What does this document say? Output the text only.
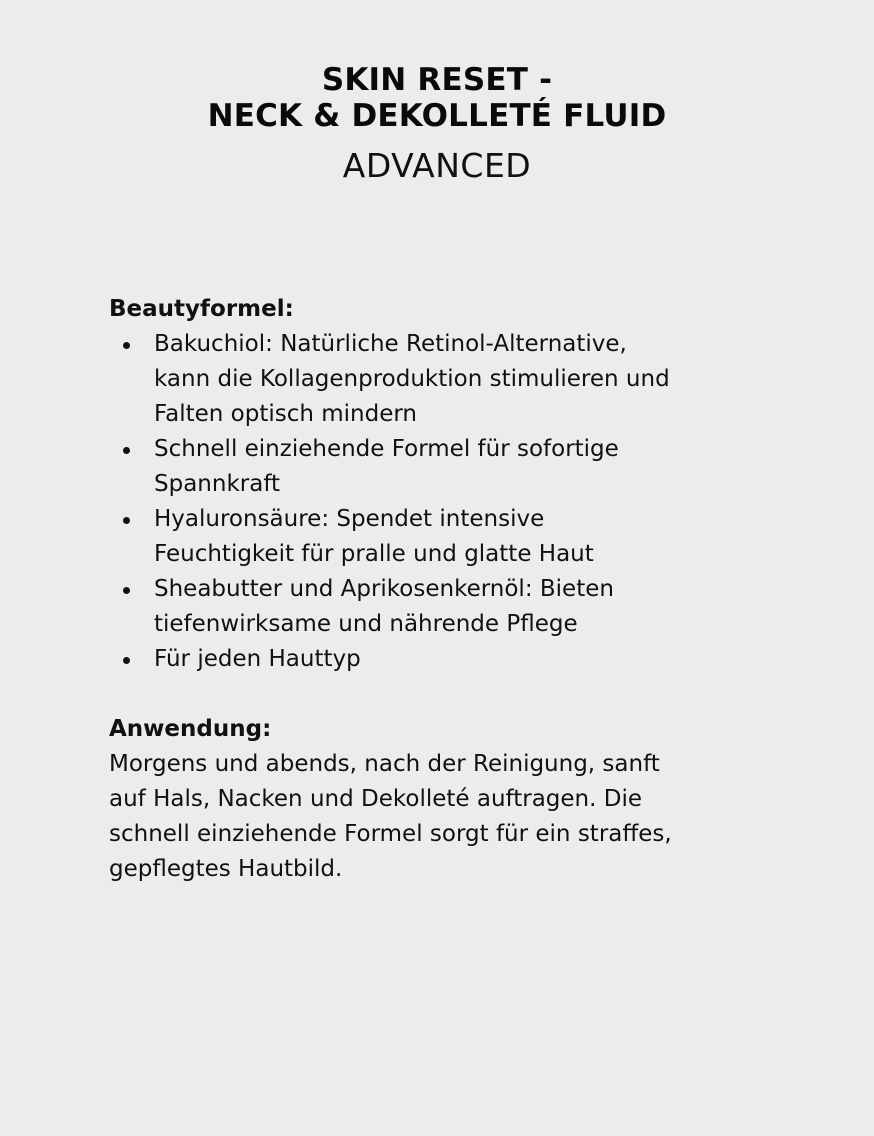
SKIN RESET -
NECK & DEKOLLETÉ FLUID
ADVANCED
Beautyformel:
Bakuchiol: Natürliche Retinol-Alternative,
kann die Kollagenproduktion stimulieren und
Falten optisch mindern
Schnell einziehende Formel für sofortige
Spannkraft
Hyaluronsäure: Spendet intensive
Feuchtigkeit für pralle und glatte Haut
Sheabutter und Aprikosenkernöl: Bieten
tiefenwirksame und nährende Pflege
Für jeden Hauttyp
Anwendung:
Morgens und abends, nach der Reinigung, sanft
auf Hals, Nacken und Dekolleté auftragen. Die
schnell einziehende Formel sorgt für ein straffes,
gepflegtes Hautbild.
